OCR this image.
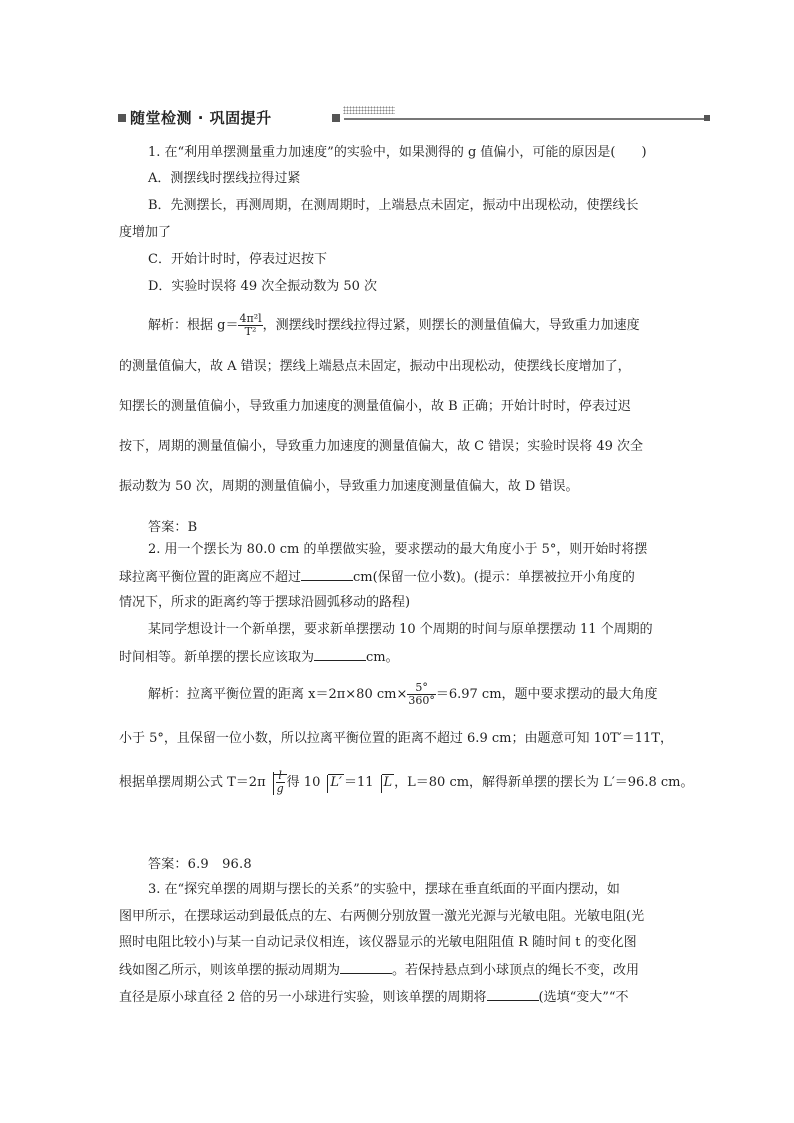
随堂检测 · 巩固提升
1. 在“利用单摆测量重力加速度”的实验中，如果测得的 g 值偏小，可能的原因是(　　)
A．测摆线时摆线拉得过紧
B．先测摆长，再测周期，在测周期时，上端悬点未固定，振动中出现松动，使摆线长
度增加了
C．开始计时时，停表过迟按下
D．实验时误将 49 次全振动数为 50 次
解析：根据 $g= \frac{\text{4π²l}}{\text{T²}}$ ，测摆线时摆线拉得过紧，则摆长的测量值偏大，导致重力加速度
的测量值偏大，故 A 错误；摆线上端悬点未固定，振动中出现松动，使摆线长度增加了，
知摆长的测量值偏小，导致重力加速度的测量值偏小，故 B 正确；开始计时时，停表过迟
按下，周期的测量值偏小，导致重力加速度的测量值偏大，故 C 错误；实验时误将 49 次全
振动数为 50 次，周期的测量值偏小，导致重力加速度测量值偏大，故 D 错误。
答案：B
2. 用一个摆长为 80.0 cm 的单摆做实验，要求摆动的最大角度小于 5°，则开始时将摆
球拉离平衡位置的距离应不超过	cm(保留一位小数)。(提示：单摆被拉开小角度的
情况下，所求的距离约等于摆球沿圆弧移动的路程)
某同学想设计一个新单摆，要求新单摆摆动 10 个周期的时间与原单摆摆动 11 个周期的
时间相等。新单摆的摆长应该取为	cm。
解析：拉离平衡位置的距离 x＝2π×80 $cm\times \frac{5^\circ}{360^\circ} =6.97$ cm，题中要求摆动的最大角度
小于 5°，且保留一位小数，所以拉离平衡位置的距离不超过 6.9 cm；由题意可知 10T′＝11T，
根据单摆周期公式 $T=2\pi \frac{l}{g}$ 得 10 L′ ＝11 L ，L＝80 cm，解得新单摆的摆长为 L′＝96.8 cm。
答案：6.9　96.8
3. 在“探究单摆的周期与摆长的关系”的实验中，摆球在垂直纸面的平面内摆动，如
图甲所示，在摆球运动到最低点的左、右两侧分别放置一激光光源与光敏电阻。光敏电阻(光
照时电阻比较小)与某一自动记录仪相连，该仪器显示的光敏电阻阻值 R 随时间 t 的变化图
线如图乙所示，则该单摆的振动周期为	。若保持悬点到小球顶点的绳长不变，改用
直径是原小球直径 2 倍的另一小球进行实验，则该单摆的周期将	(选填“变大”“不
